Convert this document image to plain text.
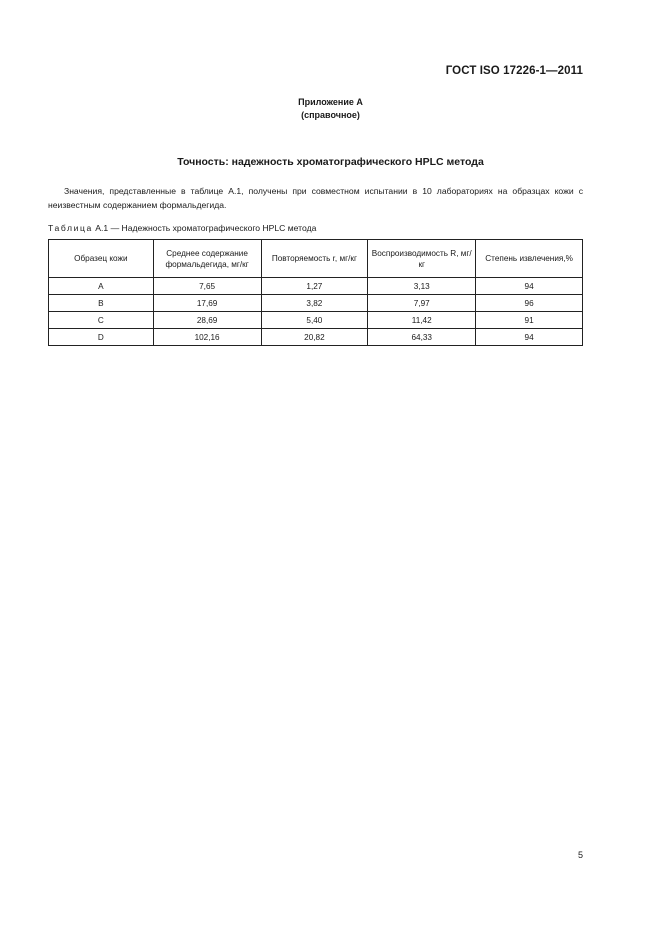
ГОСТ ISO 17226-1—2011
Приложение А
(справочное)
Точность: надежность хроматографического HPLC метода
Значения, представленные в таблице А.1, получены при совместном испытании в 10 лабораториях на образцах кожи с неизвестным содержанием формальдегида.
Таблица А.1 — Надежность хроматографического HPLC метода
Образец кожи	Среднее содержание формальдегида, мг/кг	Повторяемость r, мг/кг	Воспроизводимость R, мг/кг	Степень извлечения,%
A	7,65	1,27	3,13	94
B	17,69	3,82	7,97	96
C	28,69	5,40	11,42	91
D	102,16	20,82	64,33	94
5
